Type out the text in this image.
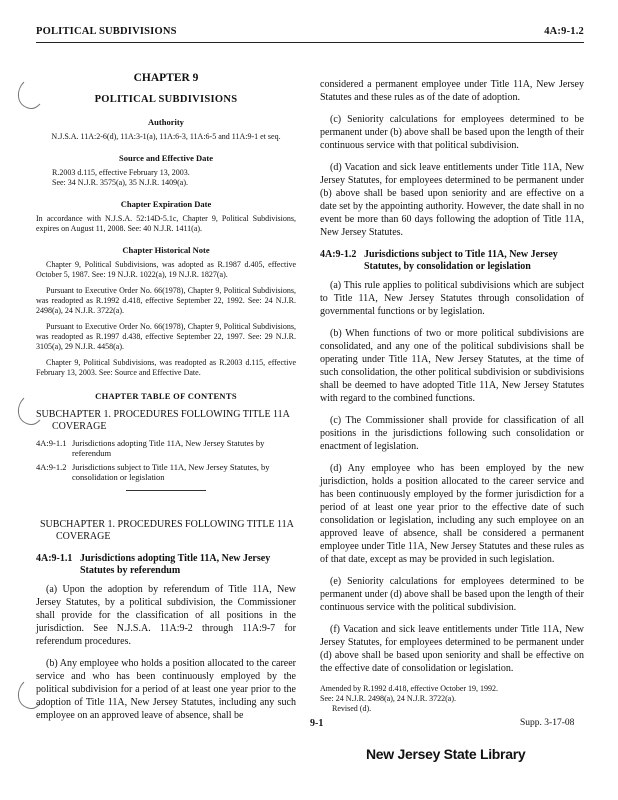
POLITICAL SUBDIVISIONS	4A:9-1.2
CHAPTER 9
POLITICAL SUBDIVISIONS
Authority
N.J.S.A. 11A:2-6(d), 11A:3-1(a), 11A:6-3, 11A:6-5 and 11A:9-1 et seq.
Source and Effective Date
R.2003 d.115, effective February 13, 2003.
See: 34 N.J.R. 3575(a), 35 N.J.R. 1409(a).
Chapter Expiration Date
In accordance with N.J.S.A. 52:14D-5.1c, Chapter 9, Political Subdivisions, expires on August 11, 2008. See: 40 N.J.R. 1411(a).
Chapter Historical Note

Chapter 9, Political Subdivisions, was adopted as R.1987 d.405, effective October 5, 1987. See: 19 N.J.R. 1022(a), 19 N.J.R. 1827(a).

Pursuant to Executive Order No. 66(1978), Chapter 9, Political Subdivisions, was readopted as R.1992 d.418, effective September 22, 1992. See: 24 N.J.R. 2498(a), 24 N.J.R. 3722(a).

Pursuant to Executive Order No. 66(1978), Chapter 9, Political Subdivisions, was readopted as R.1997 d.438, effective September 22, 1997. See: 29 N.J.R. 3105(a), 29 N.J.R. 4458(a).

Chapter 9, Political Subdivisions, was readopted as R.2003 d.115, effective February 13, 2003. See: Source and Effective Date.

CHAPTER TABLE OF CONTENTS
SUBCHAPTER 1. PROCEDURES FOLLOWING TITLE 11A COVERAGE
4A:9-1.1 Jurisdictions adopting Title 11A, New Jersey Statutes by referendum
4A:9-1.2 Jurisdictions subject to Title 11A, New Jersey Statutes, by consolidation or legislation
SUBCHAPTER 1. PROCEDURES FOLLOWING TITLE 11A COVERAGE
4A:9-1.1 Jurisdictions adopting Title 11A, New Jersey Statutes by referendum

(a) Upon the adoption by referendum of Title 11A, New Jersey Statutes, by a political subdivision, the Commissioner shall provide for the classification of all positions in the jurisdiction. See N.J.S.A. 11A:9-2 through 11A:9-7 for referendum procedures.

(b) Any employee who holds a position allocated to the career service and who has been continuously employed by the political subdivision for a period of at least one year prior to the adoption of Title 11A, New Jersey Statutes, including any such employee on an approved leave of absence, shall be

considered a permanent employee under Title 11A, New Jersey Statutes and these rules as of the date of adoption.

(c) Seniority calculations for employees determined to be permanent under (b) above shall be based upon the length of their continuous service with that political subdivision.

(d) Vacation and sick leave entitlements under Title 11A, New Jersey Statutes, for employees determined to be permanent under (b) above shall be based upon seniority and are effective on a date set by the appointing authority. However, the date shall in no event be more than 60 days following the adoption of Title 11A, New Jersey Statutes.

4A:9-1.2 Jurisdictions subject to Title 11A, New Jersey Statutes, by consolidation or legislation

(a) This rule applies to political subdivisions which are subject to Title 11A, New Jersey Statutes through consolidation of governmental functions or by legislation.

(b) When functions of two or more political subdivisions are consolidated, and any one of the political subdivisions shall be operating under Title 11A, New Jersey Statutes, at the time of such consolidation, the other political subdivision or subdivisions shall be deemed to have adopted Title 11A, New Jersey Statutes with regard to the combined functions.

(c) The Commissioner shall provide for classification of all positions in the jurisdictions following such consolidation or enactment of legislation.

(d) Any employee who has been employed by the new jurisdiction, holds a position allocated to the career service and has been continuously employed by the former jurisdiction for a period of at least one year prior to the effective date of such consolidation or legislation, including any such employee on an approved leave of absence, shall be considered a permanent employee under Title 11A, New Jersey Statutes and these rules as of that date, except as may be provided in such legislation.

(e) Seniority calculations for employees determined to be permanent under (d) above shall be based upon the length of their continuous service with the political subdivision.

(f) Vacation and sick leave entitlements under Title 11A, New Jersey Statutes, for employees determined to be permanent under (d) above shall be based upon seniority and shall be effective on the effective date of consolidation or legislation.

Amended by R.1992 d.418, effective October 19, 1992.
See: 24 N.J.R. 2498(a), 24 N.J.R. 3722(a).
Revised (d).
9-1	Supp. 3-17-08
New Jersey State Library
